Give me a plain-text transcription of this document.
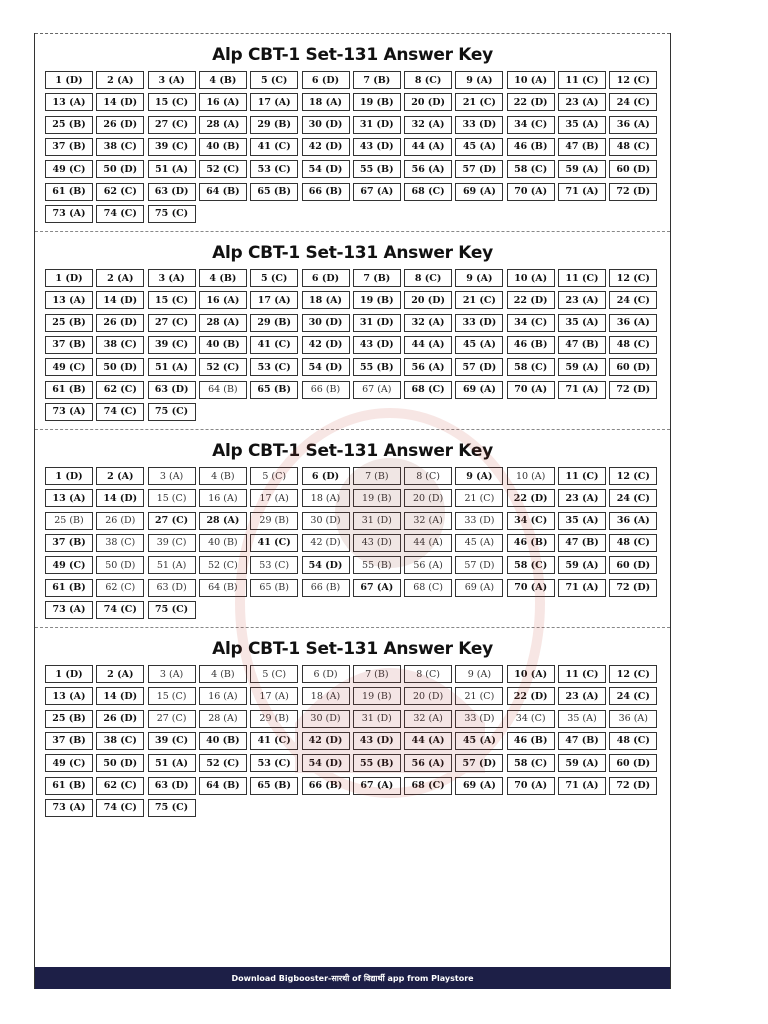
Alp CBT-1 Set-131 Answer Key
1 (D)	2 (A)	3 (A)	4 (B)	5 (C)	6 (D)	7 (B)	8 (C)	9 (A)	10 (A)	11 (C)	12 (C)
13 (A)	14 (D)	15 (C)	16 (A)	17 (A)	18 (A)	19 (B)	20 (D)	21 (C)	22 (D)	23 (A)	24 (C)
25 (B)	26 (D)	27 (C)	28 (A)	29 (B)	30 (D)	31 (D)	32 (A)	33 (D)	34 (C)	35 (A)	36 (A)
37 (B)	38 (C)	39 (C)	40 (B)	41 (C)	42 (D)	43 (D)	44 (A)	45 (A)	46 (B)	47 (B)	48 (C)
49 (C)	50 (D)	51 (A)	52 (C)	53 (C)	54 (D)	55 (B)	56 (A)	57 (D)	58 (C)	59 (A)	60 (D)
61 (B)	62 (C)	63 (D)	64 (B)	65 (B)	66 (B)	67 (A)	68 (C)	69 (A)	70 (A)	71 (A)	72 (D)
73 (A)	74 (C)	75 (C)
Alp CBT-1 Set-131 Answer Key
1 (D)	2 (A)	3 (A)	4 (B)	5 (C)	6 (D)	7 (B)	8 (C)	9 (A)	10 (A)	11 (C)	12 (C)
13 (A)	14 (D)	15 (C)	16 (A)	17 (A)	18 (A)	19 (B)	20 (D)	21 (C)	22 (D)	23 (A)	24 (C)
25 (B)	26 (D)	27 (C)	28 (A)	29 (B)	30 (D)	31 (D)	32 (A)	33 (D)	34 (C)	35 (A)	36 (A)
37 (B)	38 (C)	39 (C)	40 (B)	41 (C)	42 (D)	43 (D)	44 (A)	45 (A)	46 (B)	47 (B)	48 (C)
49 (C)	50 (D)	51 (A)	52 (C)	53 (C)	54 (D)	55 (B)	56 (A)	57 (D)	58 (C)	59 (A)	60 (D)
61 (B)	62 (C)	63 (D)	64 (B)	65 (B)	66 (B)	67 (A)	68 (C)	69 (A)	70 (A)	71 (A)	72 (D)
73 (A)	74 (C)	75 (C)
Alp CBT-1 Set-131 Answer Key
1 (D)	2 (A)	3 (A)	4 (B)	5 (C)	6 (D)	7 (B)	8 (C)	9 (A)	10 (A)	11 (C)	12 (C)
13 (A)	14 (D)	15 (C)	16 (A)	17 (A)	18 (A)	19 (B)	20 (D)	21 (C)	22 (D)	23 (A)	24 (C)
25 (B)	26 (D)	27 (C)	28 (A)	29 (B)	30 (D)	31 (D)	32 (A)	33 (D)	34 (C)	35 (A)	36 (A)
37 (B)	38 (C)	39 (C)	40 (B)	41 (C)	42 (D)	43 (D)	44 (A)	45 (A)	46 (B)	47 (B)	48 (C)
49 (C)	50 (D)	51 (A)	52 (C)	53 (C)	54 (D)	55 (B)	56 (A)	57 (D)	58 (C)	59 (A)	60 (D)
61 (B)	62 (C)	63 (D)	64 (B)	65 (B)	66 (B)	67 (A)	68 (C)	69 (A)	70 (A)	71 (A)	72 (D)
73 (A)	74 (C)	75 (C)
Alp CBT-1 Set-131 Answer Key
1 (D)	2 (A)	3 (A)	4 (B)	5 (C)	6 (D)	7 (B)	8 (C)	9 (A)	10 (A)	11 (C)	12 (C)
13 (A)	14 (D)	15 (C)	16 (A)	17 (A)	18 (A)	19 (B)	20 (D)	21 (C)	22 (D)	23 (A)	24 (C)
25 (B)	26 (D)	27 (C)	28 (A)	29 (B)	30 (D)	31 (D)	32 (A)	33 (D)	34 (C)	35 (A)	36 (A)
37 (B)	38 (C)	39 (C)	40 (B)	41 (C)	42 (D)	43 (D)	44 (A)	45 (A)	46 (B)	47 (B)	48 (C)
49 (C)	50 (D)	51 (A)	52 (C)	53 (C)	54 (D)	55 (B)	56 (A)	57 (D)	58 (C)	59 (A)	60 (D)
61 (B)	62 (C)	63 (D)	64 (B)	65 (B)	66 (B)	67 (A)	68 (C)	69 (A)	70 (A)	71 (A)	72 (D)
73 (A)	74 (C)	75 (C)
Download Bigbooster-सारथी of विद्यार्थी app from Playstore
